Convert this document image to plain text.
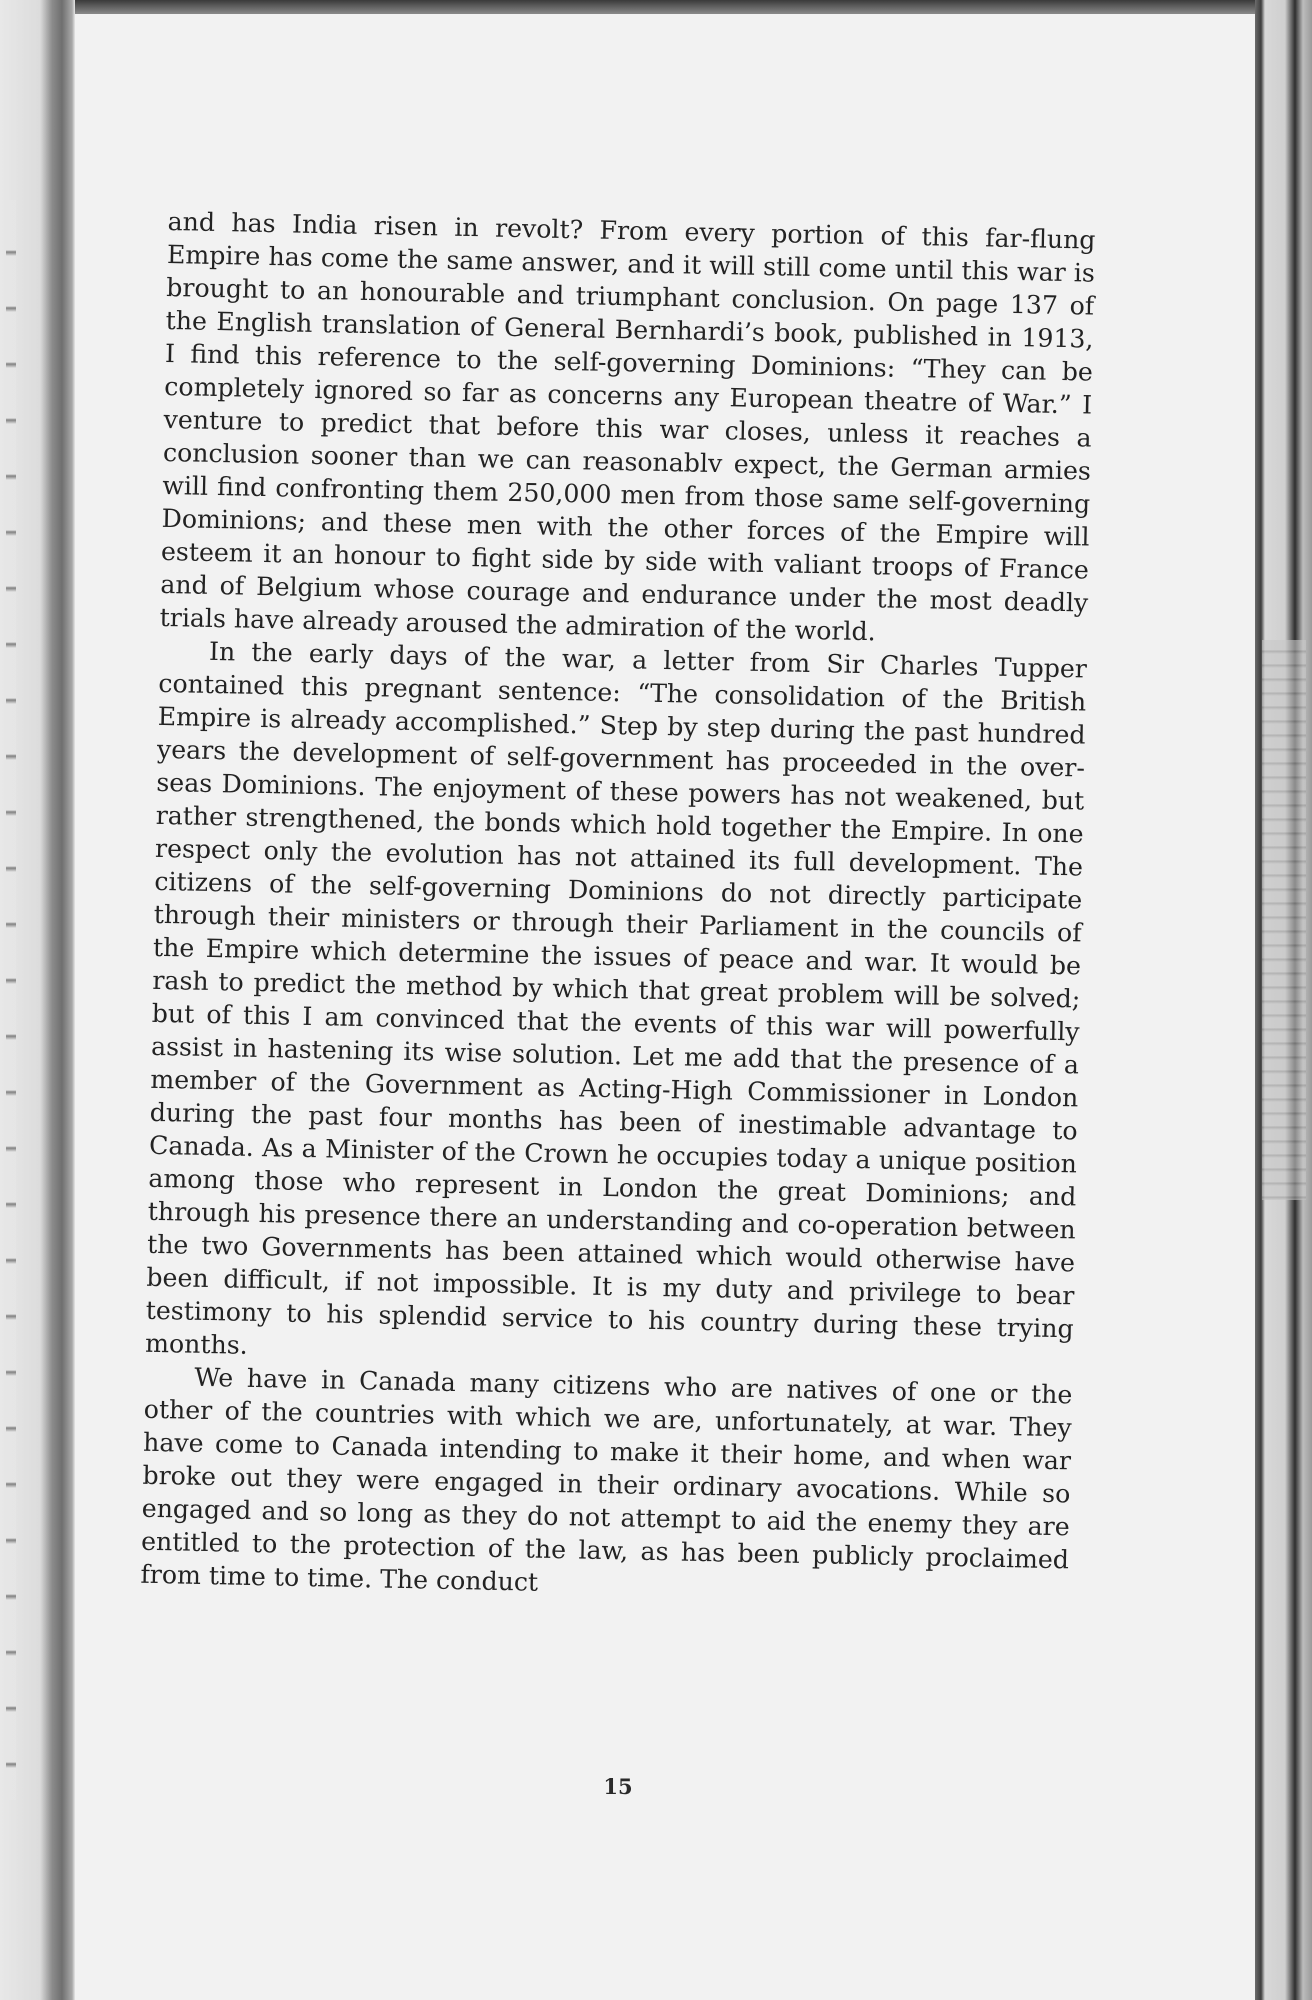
and has India risen in revolt? From every portion of this far-flung Empire has come the same answer, and it will still come until this war is brought to an honourable and triumphant conclusion. On page 137 of the English translation of General Bernhardi’s book, published in 1913, I find this reference to the self-governing Dominions: “They can be completely ignored so far as concerns any European theatre of War.” I venture to predict that before this war closes, unless it reaches a conclusion sooner than we can reasonablv expect, the German armies will find confronting them 250,000 men from those same self-governing Dominions; and these men with the other forces of the Empire will esteem it an honour to fight side by side with valiant troops of France and of Belgium whose courage and endurance under the most deadly trials have already aroused the admiration of the world.

In the early days of the war, a letter from Sir Charles Tupper contained this pregnant sentence: “The consolidation of the British Empire is already accomplished.” Step by step during the past hundred years the development of self-government has proceeded in the over-seas Dominions. The enjoyment of these powers has not weakened, but rather strengthened, the bonds which hold together the Empire. In one respect only the evolution has not attained its full development. The citizens of the self-governing Dominions do not directly participate through their ministers or through their Parliament in the councils of the Empire which determine the issues of peace and war. It would be rash to predict the method by which that great problem will be solved; but of this I am convinced that the events of this war will powerfully assist in hastening its wise solution. Let me add that the presence of a member of the Government as Acting-High Commissioner in London during the past four months has been of inestimable advantage to Canada. As a Minister of the Crown he occupies today a unique position among those who represent in London the great Dominions; and through his presence there an understanding and co-operation between the two Governments has been attained which would otherwise have been difficult, if not impossible. It is my duty and privilege to bear testimony to his splendid service to his country during these trying months.

We have in Canada many citizens who are natives of one or the other of the countries with which we are, unfortunately, at war. They have come to Canada intending to make it their home, and when war broke out they were engaged in their ordinary avocations. While so engaged and so long as they do not attempt to aid the enemy they are entitled to the protection of the law, as has been publicly proclaimed from time to time. The conduct

15
